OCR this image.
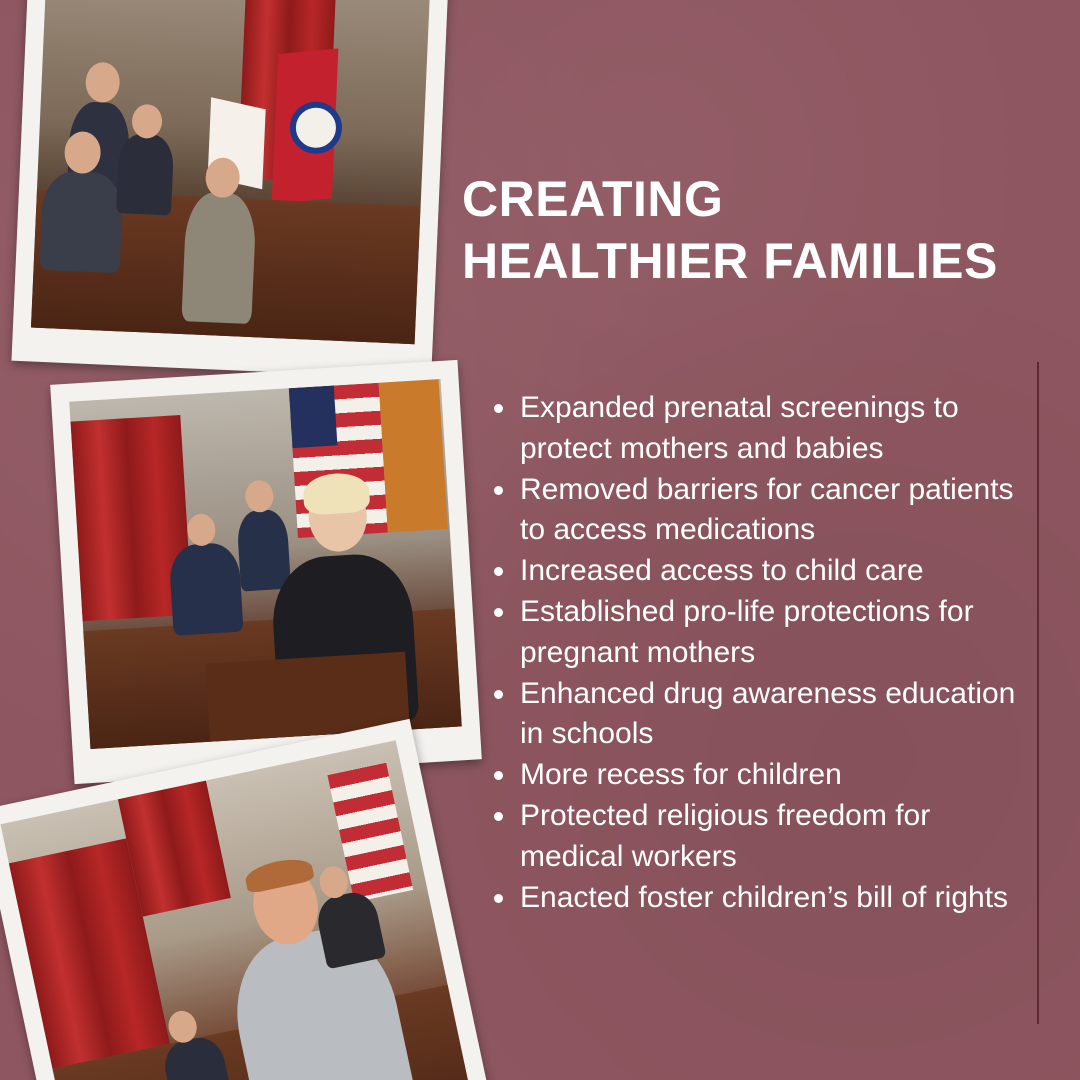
CREATING
HEALTHIER FAMILIES
Expanded prenatal screenings to protect mothers and babies
Removed barriers for cancer patients to access medications
Increased access to child care
Established pro-life protections for pregnant mothers
Enhanced drug awareness education in schools
More recess for children
Protected religious freedom for medical workers
Enacted foster children’s bill of rights
